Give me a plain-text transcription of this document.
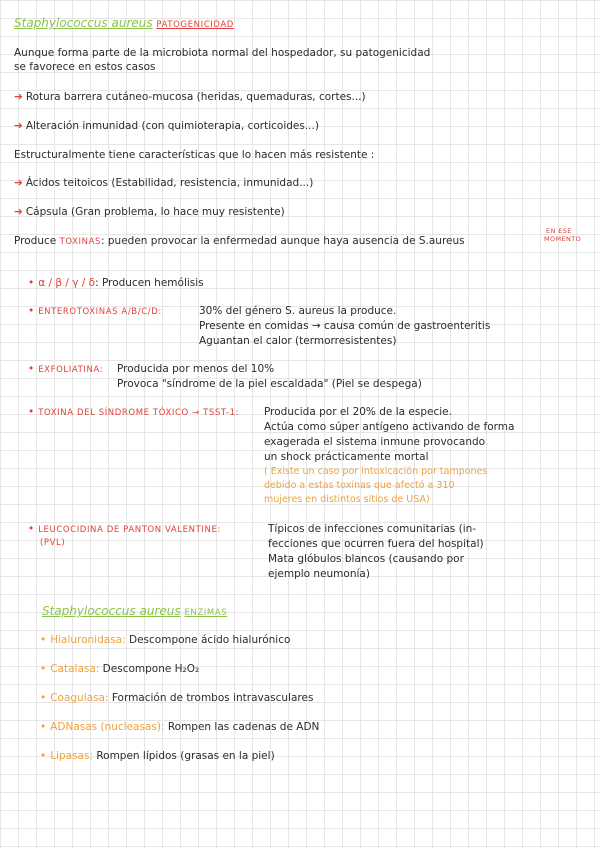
Staphylococcus aureus PATOGENICIDAD
Aunque forma parte de la microbiota normal del hospedador, su patogenicidad
se favorece en estos casos
➔ Rotura barrera cutáneo-mucosa (heridas, quemaduras, cortes...)
➔ Alteración inmunidad (con quimioterapia, corticoides...)
Estructuralmente tiene características que lo hacen más resistente :
➔ Ácidos teitoicos (Estabilidad, resistencia, inmunidad...)
➔ Cápsula (Gran problema, lo hace muy resistente)
Produce TOXINAS: pueden provocar la enfermedad aunque haya ausencia de S.aureus
EN ESE
MOMENTO
• α / β / γ / δ: Producen hemólisis
• ENTEROTOXINAS A/B/C/D:	30% del género S. aureus la produce.
Presente en comidas → causa común de gastroenteritis
Aguantan el calor (termorresistentes)
• EXFOLIATINA: Producida por menos del 10%
Provoca "síndrome de la piel escaldada" (Piel se despega)
• TOXINA DEL SÍNDROME TÓXICO → TSST-1: Producida por el 20% de la especie.
Actúa como súper antígeno activando de forma
exagerada el sistema inmune provocando
un shock prácticamente mortal
( Existe un caso por intoxicación por tampones
debido a estas toxinas que afectó a 310
mujeres en distintos sitios de USA)
• LEUCOCIDINA DE PANTON VALENTINE:
(PVL)
Típicos de infecciones comunitarias (in-
fecciones que ocurren fuera del hospital)
Mata glóbulos blancos (causando por
ejemplo neumonía)
Staphylococcus aureus ENZIMAS
• Hialuronidasa: Descompone ácido hialurónico
• Catalasa: Descompone H₂O₂
• Coagulasa: Formación de trombos intravasculares
• ADNasas (nucleasas): Rompen las cadenas de ADN
• Lipasas: Rompen lípidos (grasas en la piel)
